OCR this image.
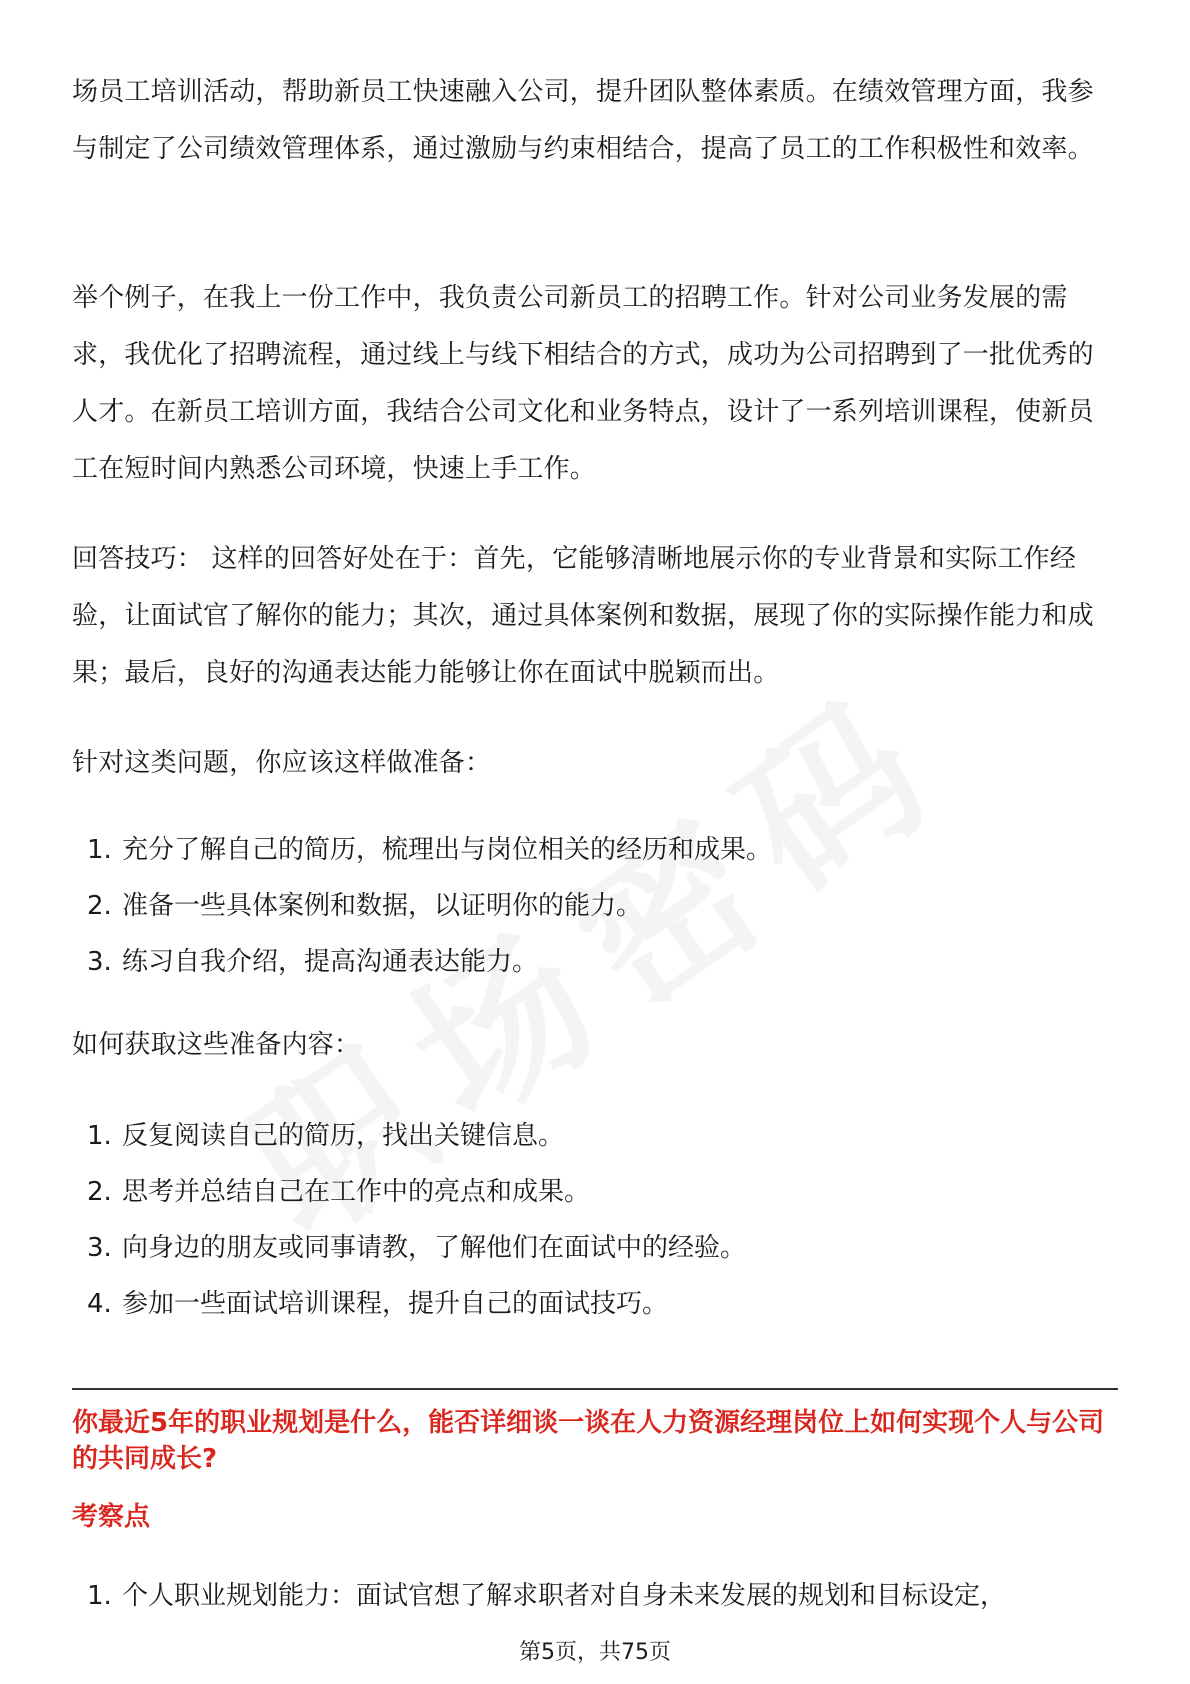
场员工培训活动，帮助新员工快速融入公司，提升团队整体素质。在绩效管理方面，我参与制定了公司绩效管理体系，通过激励与约束相结合，提高了员工的工作积极性和效率。

举个例子，在我上一份工作中，我负责公司新员工的招聘工作。针对公司业务发展的需求，我优化了招聘流程，通过线上与线下相结合的方式，成功为公司招聘到了一批优秀的人才。在新员工培训方面，我结合公司文化和业务特点，设计了一系列培训课程，使新员工在短时间内熟悉公司环境，快速上手工作。

回答技巧： 这样的回答好处在于：首先，它能够清晰地展示你的专业背景和实际工作经验，让面试官了解你的能力；其次，通过具体案例和数据，展现了你的实际操作能力和成果；最后，良好的沟通表达能力能够让你在面试中脱颖而出。

针对这类问题，你应该这样做准备：

1. 充分了解自己的简历，梳理出与岗位相关的经历和成果。
2. 准备一些具体案例和数据，以证明你的能力。
3. 练习自我介绍，提高沟通表达能力。

如何获取这些准备内容：

1. 反复阅读自己的简历，找出关键信息。
2. 思考并总结自己在工作中的亮点和成果。
3. 向身边的朋友或同事请教，了解他们在面试中的经验。
4. 参加一些面试培训课程，提升自己的面试技巧。
你最近5年的职业规划是什么，能否详细谈一谈在人力资源经理岗位上如何实现个人与公司的共同成长?
考察点
1. 个人职业规划能力：面试官想了解求职者对自身未来发展的规划和目标设定，
第5页，共75页
